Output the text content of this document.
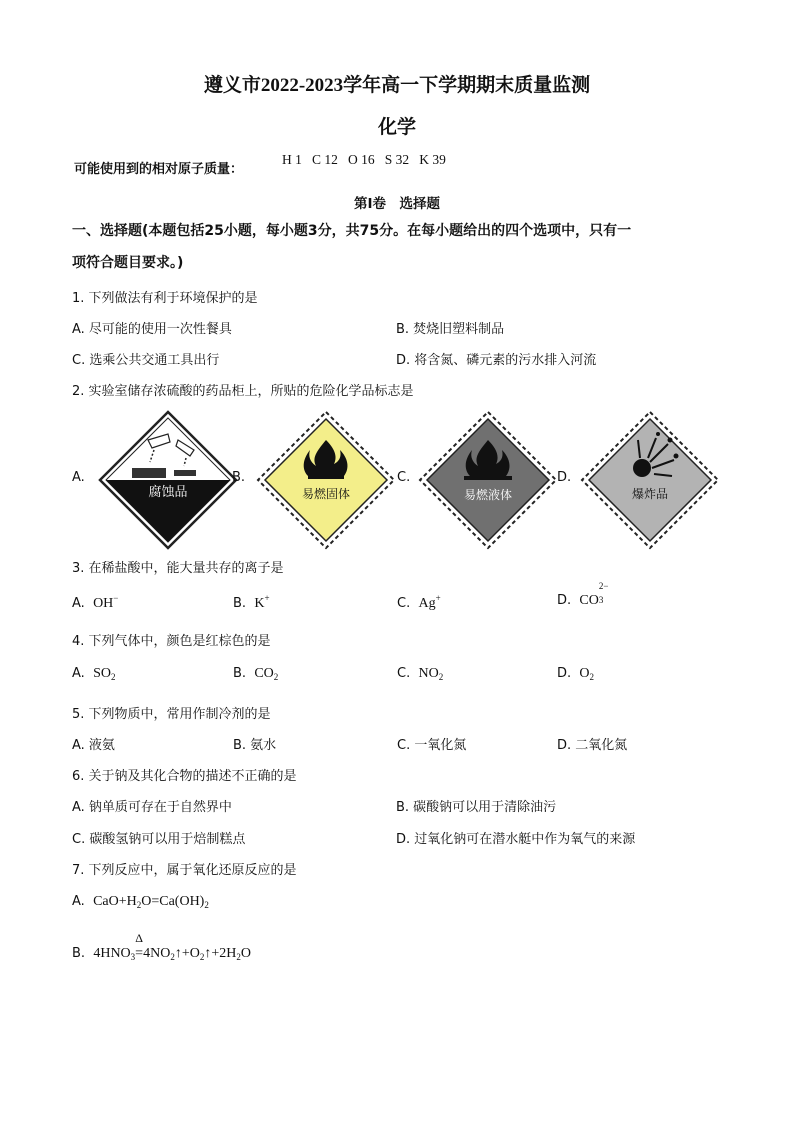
遵义市2022-2023学年高一下学期期末质量监测
化学
可能使用到的相对原子质量：
H 1   C 12   O 16   S 32   K 39
第Ⅰ卷　选择题
一、选择题(本题包括25小题，每小题3分，共75分。在每小题给出的四个选项中，只有一
项符合题目要求。)
1. 下列做法有利于环境保护的是
A. 尽可能的使用一次性餐具	B. 焚烧旧塑料制品
C. 选乘公共交通工具出行	D. 将含氮、磷元素的污水排入河流
2. 实验室储存浓硫酸的药品柜上，所贴的危险化学品标志是
A.
腐蚀品
B.
易燃固体
C.
易燃液体
D.
爆炸品
3. 在稀盐酸中，能大量共存的离子是
A. OH−	B. K+	C. Ag+	D. CO
2−
3

4. 下列气体中，颜色是红棕色的是
A. $SO_2$	B. $CO_2$	C. $NO_2$	D. $O_2$
5. 下列物质中，常用作制冷剂的是
A. 液氨	B. 氨水	C. 一氧化氮	D. 二氧化氮
6. 关于钠及其化合物的描述不正确的是
A. 钠单质可存在于自然界中	B. 碳酸钠可以用于清除油污
C. 碳酸氢钠可以用于焙制糕点	D. 过氧化钠可在潜水艇中作为氧气的来源
7. 下列反应中，属于氧化还原反应的是
A. $CaO+H_2O=Ca(OH)_2$
B. $4HNO_3$
Δ
$=4NO_2↑+O_2↑+2H_2O$
